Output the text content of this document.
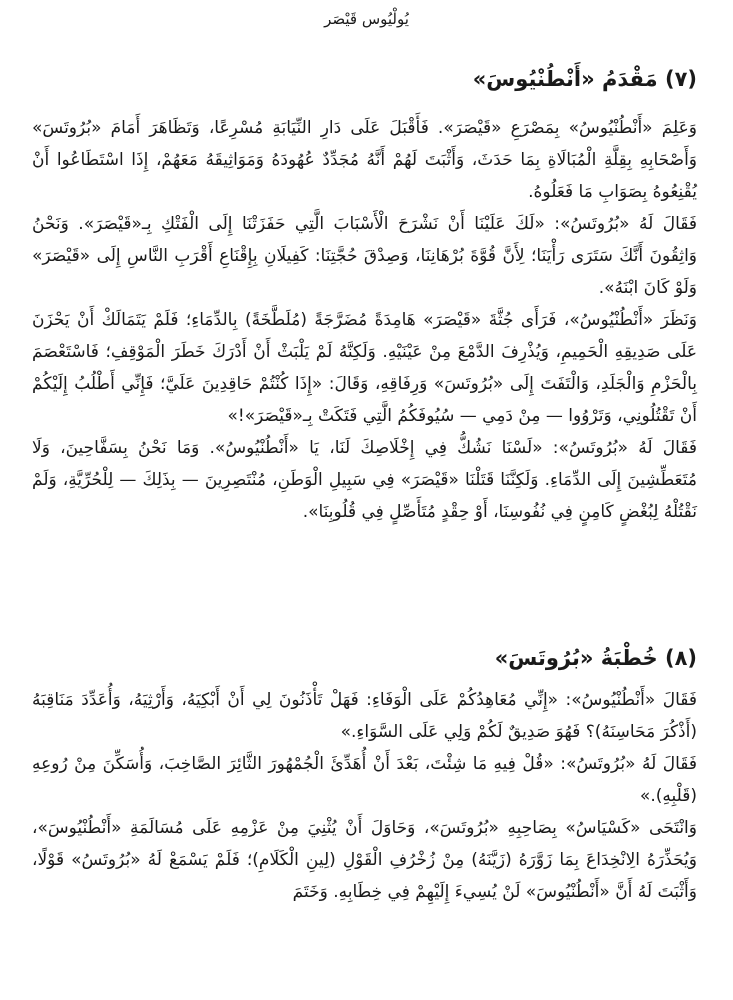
يُولْيُوس قَيْصَر
(٧) مَقْدَمُ «أَنْطُنْيُوسَ»

وَعَلِمَ «أَنْطُنْيُوسُ» بِمَصْرَعِ «قَيْصَرَ». فَأَقْبَلَ عَلَى دَارِ النِّيَابَةِ مُسْرِعًا، وَتَظَاهَرَ أَمَامَ «بُرُوتَسَ» وَأَصْحَابِهِ بِقِلَّةِ الْمُبَالَاةِ بِمَا حَدَثَ، وَأَثْبَتَ لَهُمْ أَنَّهُ مُجَدِّدٌ عُهُودَهُ وَمَوَاثِيقَهُ مَعَهُمْ، إِذَا اسْتَطَاعُوا أَنْ يُقْنِعُوهُ بِصَوَابِ مَا فَعَلُوهُ.

فَقَالَ لَهُ «بُرُوتَسُ»: «لَكَ عَلَيْنَا أَنْ نَشْرَحَ الْأَسْبَابَ الَّتِي حَفَزَتْنَا إِلَى الْفَتْكِ بِـ«قَيْصَرَ». وَنَحْنُ وَاثِقُونَ أَنَّكَ سَتَرَى رَأْيَنَا؛ لِأَنَّ قُوَّةَ بُرْهَانِنَا، وَصِدْقَ حُجَّتِنَا: كَفِيلَانِ بِإِقْنَاعِ أَقْرَبِ النَّاسِ إِلَى «قَيْصَرَ» وَلَوْ كَانَ ابْنَهُ».

وَنَظَرَ «أَنْطُنْيُوسُ»، فَرَأَى جُثَّةَ «قَيْصَرَ» هَامِدَةً مُضَرَّجَةً (مُلَطَّخَةً) بِالدِّمَاءِ؛ فَلَمْ يَتَمَالَكْ أَنْ يَحْزَنَ عَلَى صَدِيقِهِ الْحَمِيمِ، وَيُذْرِفَ الدَّمْعَ مِنْ عَيْنَيْهِ. وَلَكِنَّهُ لَمْ يَلْبَثْ أَنْ أَدْرَكَ خَطَرَ الْمَوْقِفِ؛ فَاسْتَعْصَمَ بِالْحَزْمِ وَالْجَلَدِ، وَالْتَفَتَ إِلَى «بُرُوتَسَ» وَرِفَاقِهِ، وَقَالَ: «إِذَا كُنْتُمْ حَاقِدِينَ عَلَيَّ؛ فَإِنِّي أَطْلُبُ إِلَيْكُمْ أَنْ تَقْتُلُونِي، وَتَرْوُوا — مِنْ دَمِي — سُيُوفَكُمُ الَّتِي فَتَكَتْ بِـ«قَيْصَرَ»!»

فَقَالَ لَهُ «بُرُوتَسُ»: «لَسْنَا نَشُكُّ فِي إِخْلَاصِكَ لَنَا، يَا «أَنْطُنْيُوسُ». وَمَا نَحْنُ بِسَفَّاحِينَ، وَلَا مُتَعَطِّشِينَ إِلَى الدِّمَاءِ. وَلَكِنَّنَا قَتَلْنَا «قَيْصَرَ» فِي سَبِيلِ الْوَطَنِ، مُنْتَصِرِينَ — بِذَلِكَ — لِلْحُرِّيَّةِ، وَلَمْ نَقْتُلْهُ لِبُغْضٍ كَامِنٍ فِي نُفُوسِنَا، أَوْ حِقْدٍ مُتَأَصِّلٍ فِي قُلُوبِنَا».

(٨) خُطْبَةُ «بُرُوتَسَ»

فَقَالَ «أَنْطُنْيُوسُ»: «إِنِّي مُعَاهِدُكُمْ عَلَى الْوَفَاءِ: فَهَلْ تَأْذَنُونَ لِي أَنْ أَبْكِيَهُ، وَأَرْثِيَهُ، وَأُعَدِّدَ مَنَاقِبَهُ (أَذْكُرَ مَحَاسِنَهُ)؟ فَهُوَ صَدِيقٌ لَكُمْ وَلِي عَلَى السَّوَاءِ.»

فَقَالَ لَهُ «بُرُوتَسُ»: «قُلْ فِيهِ مَا شِئْتَ، بَعْدَ أَنْ أُهَدِّئَ الْجُمْهُورَ الثَّائِرَ الصَّاخِبَ، وَأُسَكِّنَ مِنْ رُوعِهِ (قَلْبِهِ).»

وَانْتَحَى «كَسْيَاسُ» بِصَاحِبِهِ «بُرُوتَسَ»، وَحَاوَلَ أَنْ يُثْنِيَ مِنْ عَزْمِهِ عَلَى مُسَالَمَةِ «أَنْطُنْيُوسَ»، وَيُحَذِّرَهُ الِانْخِدَاعَ بِمَا زَوَّرَهُ (زَيَّنَهُ) مِنْ زُخْرُفِ الْقَوْلِ (لِينِ الْكَلَامِ)؛ فَلَمْ يَسْمَعْ لَهُ «بُرُوتَسُ» قَوْلًا، وَأَثْبَتَ لَهُ أَنَّ «أَنْطُنْيُوسَ» لَنْ يُسِيءَ إِلَيْهِمْ فِي خِطَابِهِ. وَخَتَمَ
